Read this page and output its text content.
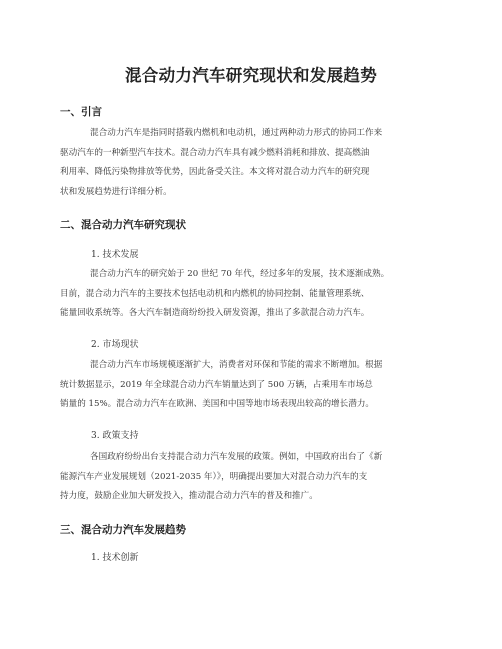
混合动力汽车研究现状和发展趋势
一、引言
混合动力汽车是指同时搭载内燃机和电动机，通过两种动力形式的协同工作来
驱动汽车的一种新型汽车技术。混合动力汽车具有减少燃料消耗和排放、提高燃油
利用率、降低污染物排放等优势，因此备受关注。本文将对混合动力汽车的研究现
状和发展趋势进行详细分析。
二、混合动力汽车研究现状
1. 技术发展
混合动力汽车的研究始于 20 世纪 70 年代，经过多年的发展，技术逐渐成熟。
目前，混合动力汽车的主要技术包括电动机和内燃机的协同控制、能量管理系统、
能量回收系统等。各大汽车制造商纷纷投入研发资源，推出了多款混合动力汽车。
2. 市场现状
混合动力汽车市场规模逐渐扩大，消费者对环保和节能的需求不断增加。根据
统计数据显示，2019 年全球混合动力汽车销量达到了 500 万辆，占乘用车市场总
销量的 15%。混合动力汽车在欧洲、美国和中国等地市场表现出较高的增长潜力。
3. 政策支持
各国政府纷纷出台支持混合动力汽车发展的政策。例如，中国政府出台了《新
能源汽车产业发展规划（2021-2035 年）》，明确提出要加大对混合动力汽车的支
持力度，鼓励企业加大研发投入，推动混合动力汽车的普及和推广。
三、混合动力汽车发展趋势
1. 技术创新
